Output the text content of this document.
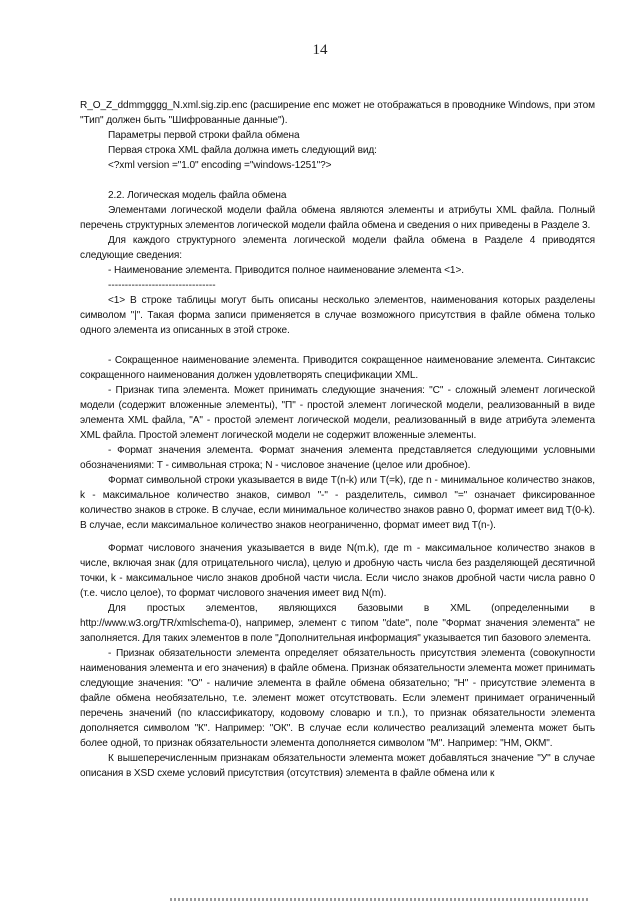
14

R_O_Z_ddmmgggg_N.xml.sig.zip.enc (расширение enc может не отображаться в проводнике Windows, при этом "Тип" должен быть "Шифрованные данные").

Параметры первой строки файла обмена

Первая строка XML файла должна иметь следующий вид:

<?xml version ="1.0" encoding ="windows-1251"?>

2.2. Логическая модель файла обмена

Элементами логической модели файла обмена являются элементы и атрибуты XML файла. Полный перечень структурных элементов логической модели файла обмена и сведения о них приведены в Разделе 3.

Для каждого структурного элемента логической модели файла обмена в Разделе 4 приводятся следующие сведения:

- Наименование элемента. Приводится полное наименование элемента <1>.

--------------------------------

<1> В строке таблицы могут быть описаны несколько элементов, наименования которых разделены символом "|". Такая форма записи применяется в случае возможного присутствия в файле обмена только одного элемента из описанных в этой строке.

- Сокращенное наименование элемента. Приводится сокращенное наименование элемента. Синтаксис сокращенного наименования должен удовлетворять спецификации XML.

- Признак типа элемента. Может принимать следующие значения: "С" - сложный элемент логической модели (содержит вложенные элементы), "П" - простой элемент логической модели, реализованный в виде элемента XML файла, "А" - простой элемент логической модели, реализованный в виде атрибута элемента XML файла. Простой элемент логической модели не содержит вложенные элементы.

- Формат значения элемента. Формат значения элемента представляется следующими условными обозначениями: Т - символьная строка; N - числовое значение (целое или дробное).

Формат символьной строки указывается в виде Т(n-k) или Т(=k), где n - минимальное количество знаков, k - максимальное количество знаков, символ "-" - разделитель, символ "=" означает фиксированное количество знаков в строке. В случае, если минимальное количество знаков равно 0, формат имеет вид Т(0-k). В случае, если максимальное количество знаков неограниченно, формат имеет вид Т(n-).

Формат числового значения указывается в виде N(m.k), где m - максимальное количество знаков в числе, включая знак (для отрицательного числа), целую и дробную часть числа без разделяющей десятичной точки, k - максимальное число знаков дробной части числа. Если число знаков дробной части числа равно 0 (т.е. число целое), то формат числового значения имеет вид N(m).

Для простых элементов, являющихся базовыми в XML (определенными в http://www.w3.org/TR/xmlschema-0), например, элемент с типом "date", поле "Формат значения элемента" не заполняется. Для таких элементов в поле "Дополнительная информация" указывается тип базового элемента.

- Признак обязательности элемента определяет обязательность присутствия элемента (совокупности наименования элемента и его значения) в файле обмена. Признак обязательности элемента может принимать следующие значения: "О" - наличие элемента в файле обмена обязательно; "Н" - присутствие элемента в файле обмена необязательно, т.е. элемент может отсутствовать. Если элемент принимает ограниченный перечень значений (по классификатору, кодовому словарю и т.п.), то признак обязательности элемента дополняется символом "К". Например: "ОК". В случае если количество реализаций элемента может быть более одной, то признак обязательности элемента дополняется символом "М". Например: "НМ, ОКМ".

К вышеперечисленным признакам обязательности элемента может добавляться значение "У" в случае описания в XSD схеме условий присутствия (отсутствия) элемента в файле обмена или к
